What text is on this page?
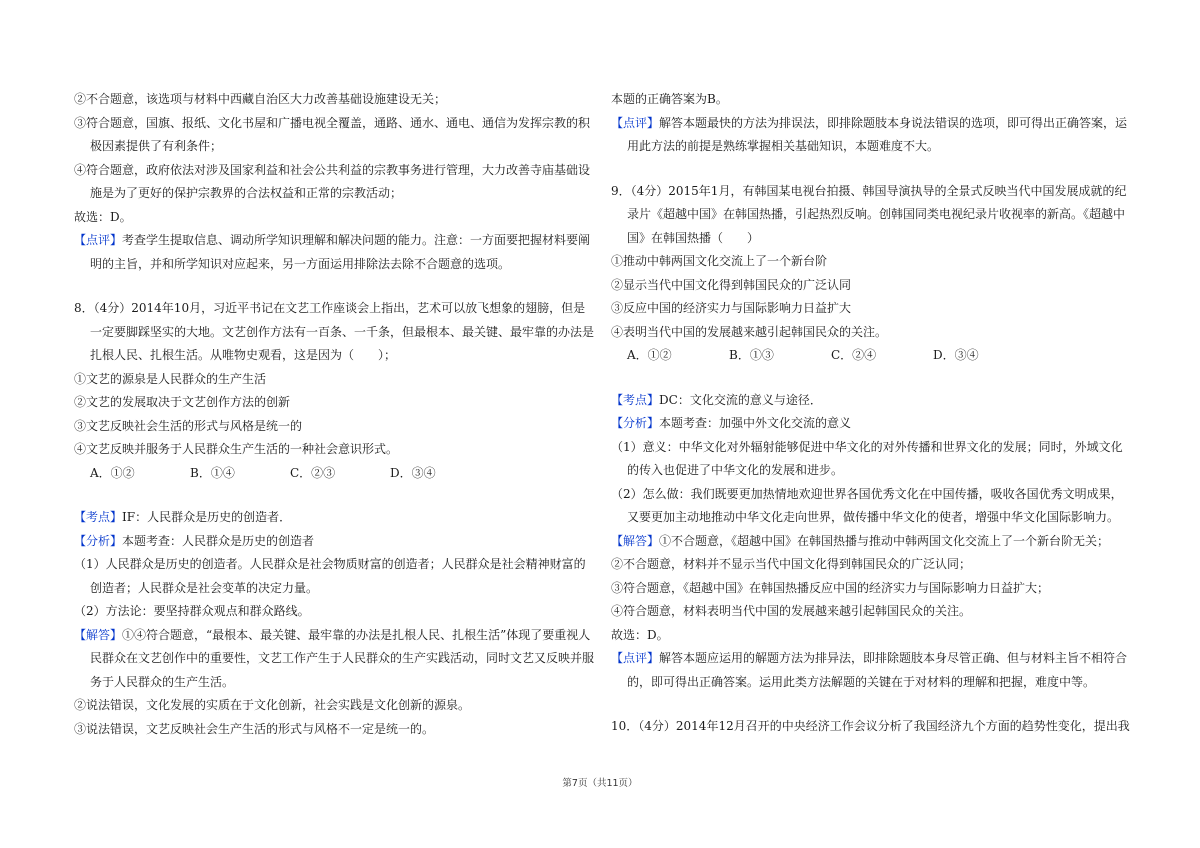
②不合题意，该选项与材料中西藏自治区大力改善基础设施建设无关；

③符合题意，国旗、报纸、文化书屋和广播电视全覆盖，通路、通水、通电、通信为发挥宗教的积极因素提供了有利条件；

④符合题意，政府依法对涉及国家利益和社会公共利益的宗教事务进行管理，大力改善寺庙基础设施是为了更好的保护宗教界的合法权益和正常的宗教活动；

故选：D。

【点评】考查学生提取信息、调动所学知识理解和解决问题的能力。注意：一方面要把握材料要阐明的主旨，并和所学知识对应起来，另一方面运用排除法去除不合题意的选项。

8．（4分）2014年10月，习近平书记在文艺工作座谈会上指出，艺术可以放飞想象的翅膀，但是一定要脚踩坚实的大地。文艺创作方法有一百条、一千条，但最根本、最关键、最牢靠的办法是扎根人民、扎根生活。从唯物史观看，这是因为（　　）；

①文艺的源泉是人民群众的生产生活

②文艺的发展取决于文艺创作方法的创新

③文艺反映社会生活的形式与风格是统一的

④文艺反映并服务于人民群众生产生活的一种社会意识形式。

A．①②	B．①④	C．②③	D．③④

【考点】IF：人民群众是历史的创造者．

【分析】本题考查：人民群众是历史的创造者

（1）人民群众是历史的创造者。人民群众是社会物质财富的创造者；人民群众是社会精神财富的创造者；人民群众是社会变革的决定力量。

（2）方法论：要坚持群众观点和群众路线。

【解答】①④符合题意，“最根本、最关键、最牢靠的办法是扎根人民、扎根生活”体现了要重视人民群众在文艺创作中的重要性，文艺工作产生于人民群众的生产实践活动，同时文艺又反映并服务于人民群众的生产生活。

②说法错误，文化发展的实质在于文化创新，社会实践是文化创新的源泉。

③说法错误，文艺反映社会生产生活的形式与风格不一定是统一的。

本题的正确答案为B。

【点评】解答本题最快的方法为排误法，即排除题肢本身说法错误的选项，即可得出正确答案，运用此方法的前提是熟练掌握相关基础知识，本题难度不大。

9．（4分）2015年1月，有韩国某电视台拍摄、韩国导演执导的全景式反映当代中国发展成就的纪录片《超越中国》在韩国热播，引起热烈反响。创韩国同类电视纪录片收视率的新高。《超越中国》在韩国热播（　　）

①推动中韩两国文化交流上了一个新台阶

②显示当代中国文化得到韩国民众的广泛认同

③反应中国的经济实力与国际影响力日益扩大

④表明当代中国的发展越来越引起韩国民众的关注。

A．①②	B．①③	C．②④	D．③④

【考点】DC：文化交流的意义与途径．

【分析】本题考查：加强中外文化交流的意义

（1）意义：中华文化对外辐射能够促进中华文化的对外传播和世界文化的发展；同时，外域文化的传入也促进了中华文化的发展和进步。

（2）怎么做：我们既要更加热情地欢迎世界各国优秀文化在中国传播，吸收各国优秀文明成果，又要更加主动地推动中华文化走向世界，做传播中华文化的使者，增强中华文化国际影响力。

【解答】①不合题意，《超越中国》在韩国热播与推动中韩两国文化交流上了一个新台阶无关；

②不合题意，材料并不显示当代中国文化得到韩国民众的广泛认同；

③符合题意，《超越中国》在韩国热播反应中国的经济实力与国际影响力日益扩大；

④符合题意，材料表明当代中国的发展越来越引起韩国民众的关注。

故选：D。

【点评】解答本题应运用的解题方法为排异法，即排除题肢本身尽管正确、但与材料主旨不相符合的，即可得出正确答案。运用此类方法解题的关键在于对材料的理解和把握，难度中等。

10．（4分）2014年12月召开的中央经济工作会议分析了我国经济九个方面的趋势性变化，提出我

第7页（共11页）
